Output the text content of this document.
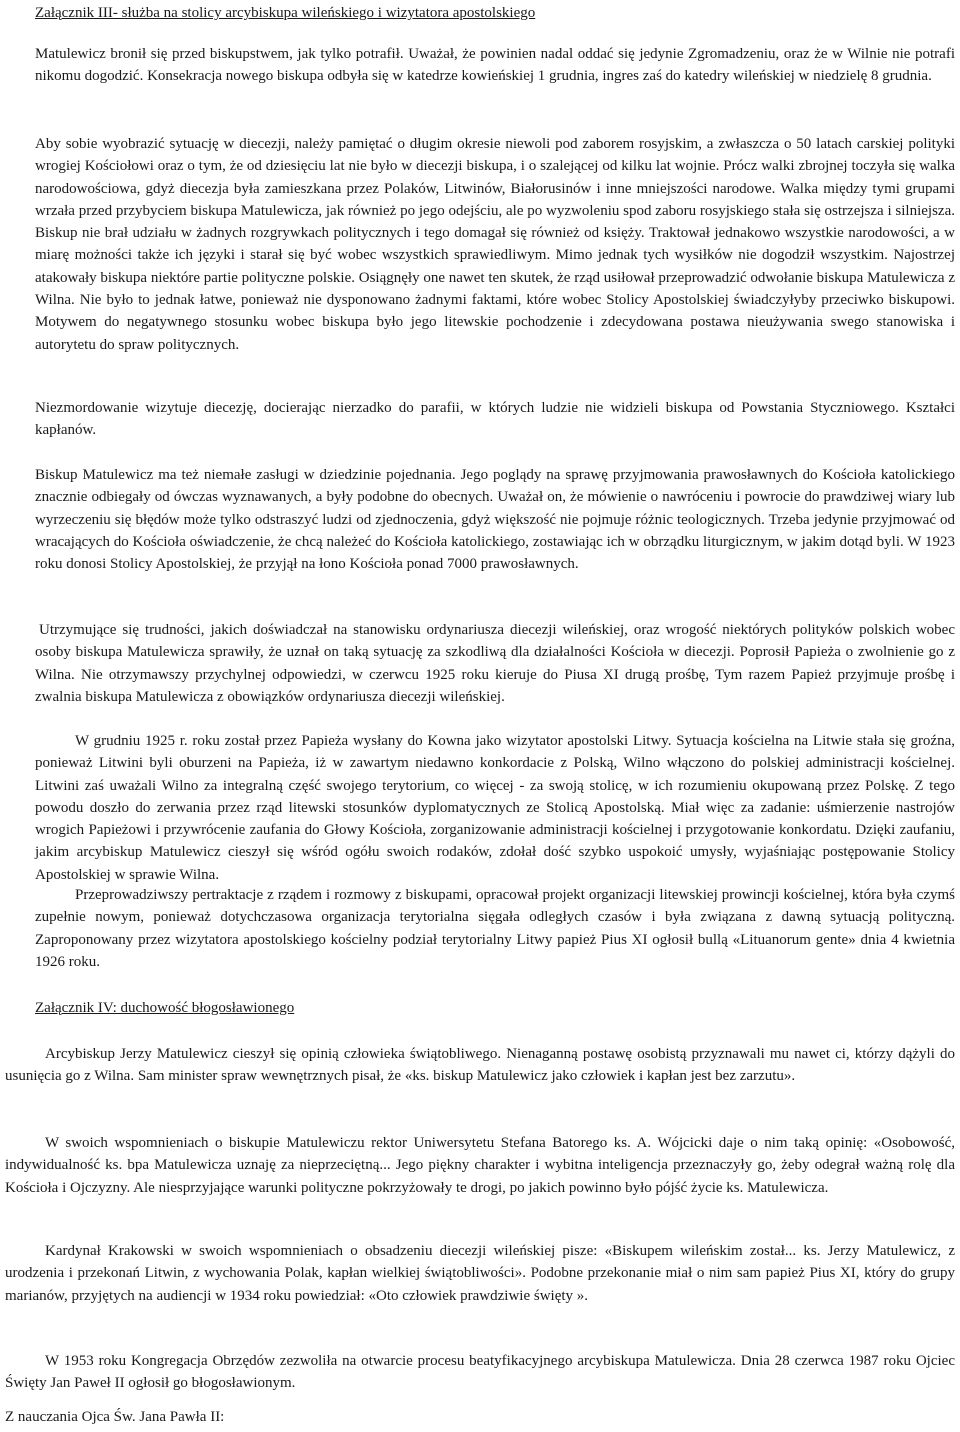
Załącznik III- służba na stolicy arcybiskupa wileńskiego i wizytatora apostolskiego

Matulewicz bronił się przed biskupstwem, jak tylko potrafił. Uważał, że powinien nadal oddać się jedynie Zgromadzeniu, oraz że w Wilnie nie potrafi nikomu dogodzić. Konsekracja nowego biskupa odbyła się w katedrze kowieńskiej 1 grudnia, ingres zaś do katedry wileńskiej w niedzielę 8 grudnia.

Aby sobie wyobrazić sytuację w diecezji, należy pamiętać o długim okresie niewoli pod zaborem rosyjskim, a zwłaszcza o 50 latach carskiej polityki wrogiej Kościołowi oraz o tym, że od dziesięciu lat nie było w diecezji biskupa, i o szalejącej od kilku lat wojnie. Prócz walki zbrojnej toczyła się walka narodowościowa, gdyż diecezja była zamieszkana przez Polaków, Litwinów, Białorusinów i inne mniejszości narodowe. Walka między tymi grupami wrzała przed przybyciem biskupa Matulewicza, jak również po jego odejściu, ale po wyzwoleniu spod zaboru rosyjskiego stała się ostrzejsza i silniejsza. Biskup nie brał udziału w żadnych rozgrywkach politycznych i tego domagał się również od księży. Traktował jednakowo wszystkie narodowości, a w miarę możności także ich języki i starał się być wobec wszystkich sprawiedliwym. Mimo jednak tych wysiłków nie dogodził wszystkim. Najostrzej atakowały biskupa niektóre partie polityczne polskie. Osiągnęły one nawet ten skutek, że rząd usiłował przeprowadzić odwołanie biskupa Matulewicza z Wilna. Nie było to jednak łatwe, ponieważ nie dysponowano żadnymi faktami, które wobec Stolicy Apostolskiej świadczyłyby przeciwko biskupowi. Motywem do negatywnego stosunku wobec biskupa było jego litewskie pochodzenie i zdecydowana postawa nieużywania swego stanowiska i autorytetu do spraw politycznych.

Niezmordowanie wizytuje diecezję, docierając nierzadko do parafii, w których ludzie nie widzieli biskupa od Powstania Styczniowego. Kształci kapłanów.

Biskup Matulewicz ma też niemałe zasługi w dziedzinie pojednania. Jego poglądy na sprawę przyjmowania prawosławnych do Kościoła katolickiego znacznie odbiegały od ówczas wyznawanych, a były podobne do obecnych. Uważał on, że mówienie o nawróceniu i powrocie do prawdziwej wiary lub wyrzeczeniu się błędów może tylko odstraszyć ludzi od zjednoczenia, gdyż większość nie pojmuje różnic teologicznych. Trzeba jedynie przyjmować od wracających do Kościoła oświadczenie, że chcą należeć do Kościoła katolickiego, zostawiając ich w obrządku liturgicznym, w jakim dotąd byli. W 1923 roku donosi Stolicy Apostolskiej, że przyjął na łono Kościoła ponad 7000 prawosławnych.

Utrzymujące się trudności, jakich doświadczał na stanowisku ordynariusza diecezji wileńskiej, oraz wrogość niektórych polityków polskich wobec osoby biskupa Matulewicza sprawiły, że uznał on taką sytuację za szkodliwą dla działalności Kościoła w diecezji. Poprosił Papieża o zwolnienie go z Wilna. Nie otrzymawszy przychylnej odpowiedzi, w czerwcu 1925 roku kieruje do Piusa XI drugą prośbę, Tym razem Papież przyjmuje prośbę i zwalnia biskupa Matulewicza z obowiązków ordynariusza diecezji wileńskiej.

W grudniu 1925 r. roku został przez Papieża wysłany do Kowna jako wizytator apostolski Litwy. Sytuacja kościelna na Litwie stała się groźna, ponieważ Litwini byli oburzeni na Papieża, iż w zawartym niedawno konkordacie z Polską, Wilno włączono do polskiej administracji kościelnej. Litwini zaś uważali Wilno za integralną część swojego terytorium, co więcej - za swoją stolicę, w ich rozumieniu okupowaną przez Polskę. Z tego powodu doszło do zerwania przez rząd litewski stosunków dyplomatycznych ze Stolicą Apostolską. Miał więc za zadanie: uśmierzenie nastrojów wrogich Papieżowi i przywrócenie zaufania do Głowy Kościoła, zorganizowanie administracji kościelnej i przygotowanie konkordatu. Dzięki zaufaniu, jakim arcybiskup Matulewicz cieszył się wśród ogółu swoich rodaków, zdołał dość szybko uspokoić umysły, wyjaśniając postępowanie Stolicy Apostolskiej w sprawie Wilna.

Przeprowadziwszy pertraktacje z rządem i rozmowy z biskupami, opracował projekt organizacji litewskiej prowincji kościelnej, która była czymś zupełnie nowym, ponieważ dotychczasowa organizacja terytorialna sięgała odległych czasów i była związana z dawną sytuacją polityczną. Zaproponowany przez wizytatora apostolskiego kościelny podział terytorialny Litwy papież Pius XI ogłosił bullą «Lituanorum gente» dnia 4 kwietnia 1926 roku.

Załącznik IV: duchowość błogosławionego

Arcybiskup Jerzy Matulewicz cieszył się opinią człowieka świątobliwego. Nienaganną postawę osobistą przyznawali mu nawet ci, którzy dążyli do usunięcia go z Wilna. Sam minister spraw wewnętrznych pisał, że «ks. biskup Matulewicz jako człowiek i kapłan jest bez zarzutu».

W swoich wspomnieniach o biskupie Matulewiczu rektor Uniwersytetu Stefana Batorego ks. A. Wójcicki daje o nim taką opinię: «Osobowość, indywidualność ks. bpa Matulewicza uznaję za nieprzeciętną... Jego piękny charakter i wybitna inteligencja przeznaczyły go, żeby odegrał ważną rolę dla Kościoła i Ojczyzny. Ale niesprzyjające warunki polityczne pokrzyżowały te drogi, po jakich powinno było pójść życie ks. Matulewicza.

Kardynał Krakowski w swoich wspomnieniach o obsadzeniu diecezji wileńskiej pisze: «Biskupem wileńskim został... ks. Jerzy Matulewicz, z urodzenia i przekonań Litwin, z wychowania Polak, kapłan wielkiej świątobliwości». Podobne przekonanie miał o nim sam papież Pius XI, który do grupy marianów, przyjętych na audiencji w 1934 roku powiedział: «Oto człowiek prawdziwie święty ».

W 1953 roku Kongregacja Obrzędów zezwoliła na otwarcie procesu beatyfikacyjnego arcybiskupa Matulewicza. Dnia 28 czerwca 1987 roku Ojciec Święty Jan Paweł II ogłosił go błogosławionym.

Z nauczania Ojca Św. Jana Pawła II:
